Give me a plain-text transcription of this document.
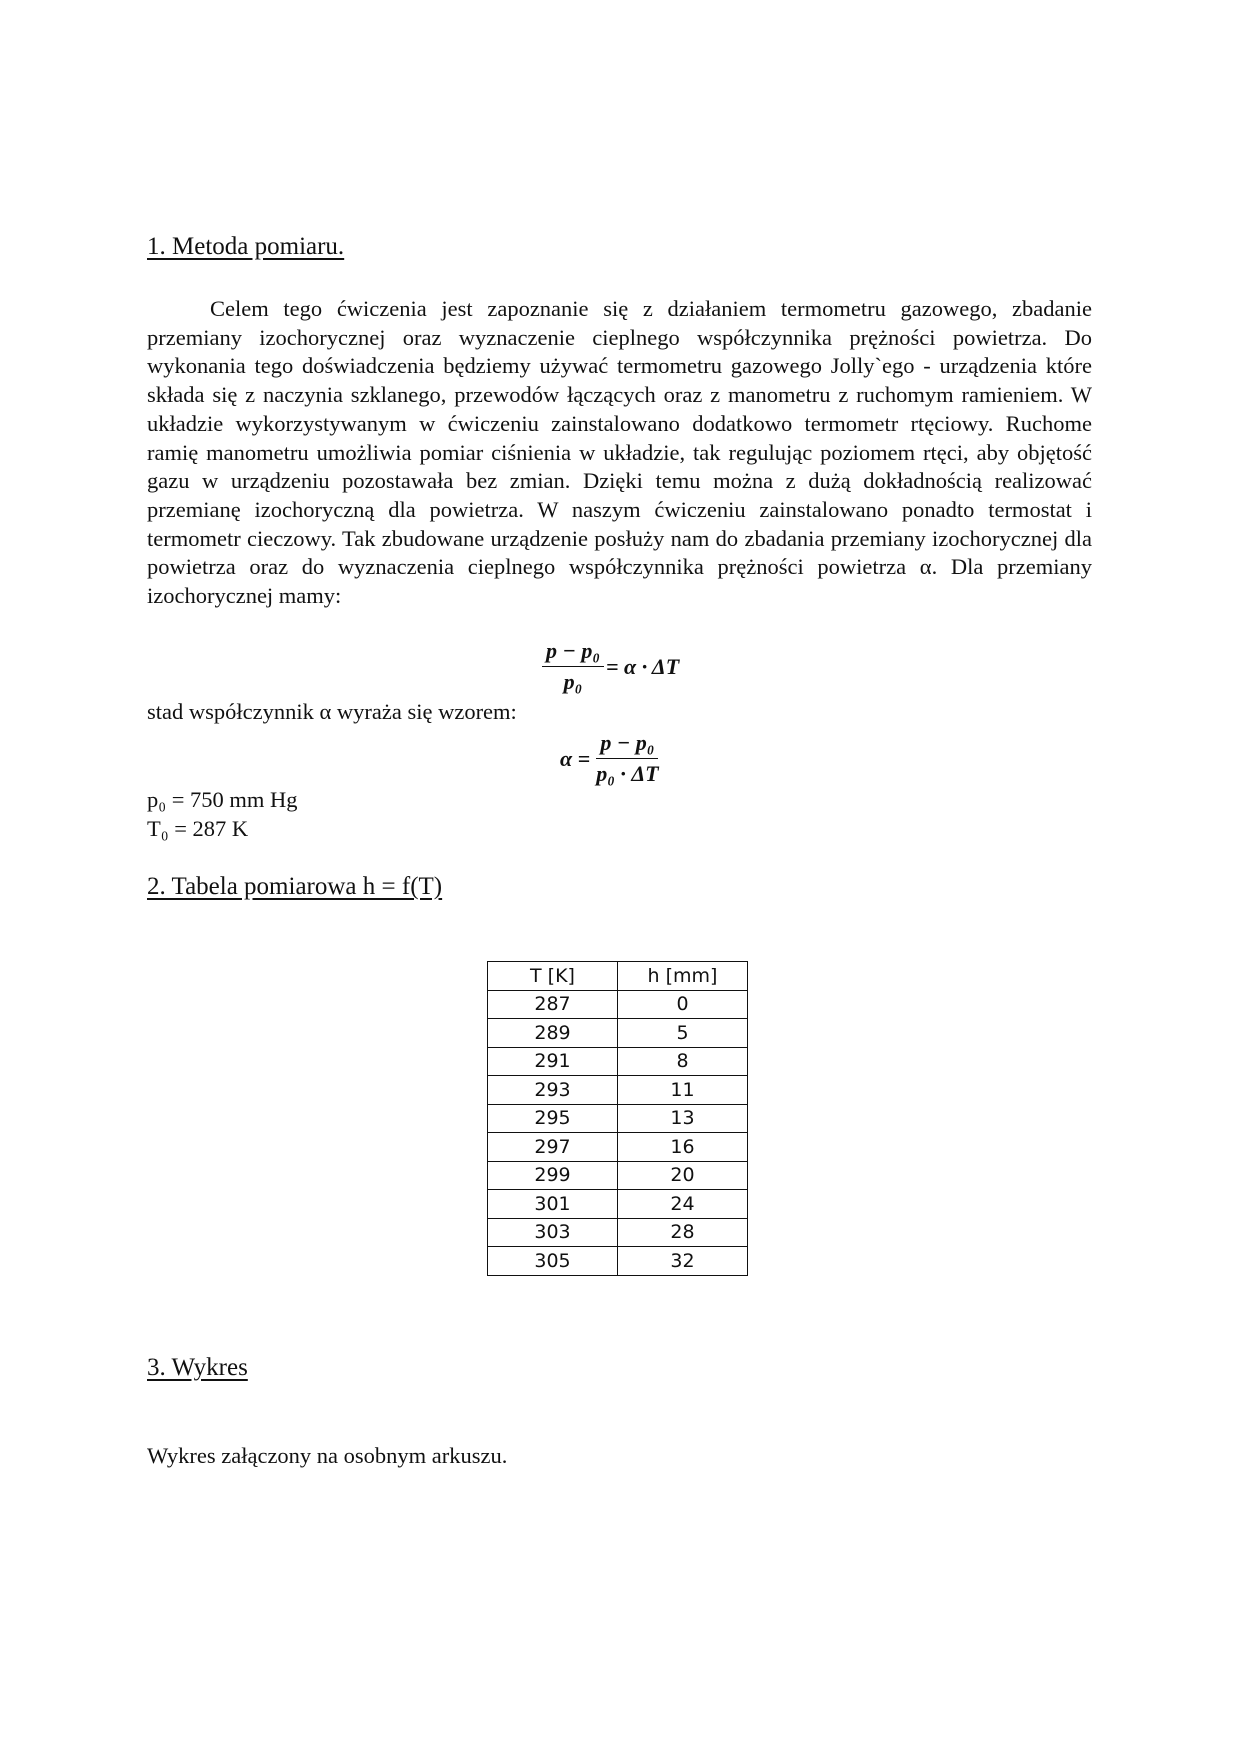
1. Metoda pomiaru.

Celem tego ćwiczenia jest zapoznanie się z działaniem termometru gazowego, zbadanie przemiany izochorycznej oraz wyznaczenie cieplnego współczynnika prężności powietrza. Do wykonania tego doświadczenia będziemy używać termometru gazowego Jolly`ego - urządzenia które składa się z naczynia szklanego, przewodów łączących oraz z manometru z ruchomym ramieniem. W układzie wykorzystywanym w ćwiczeniu zainstalowano dodatkowo termometr rtęciowy. Ruchome ramię manometru umożliwia pomiar ciśnienia w układzie, tak regulując poziomem rtęci, aby objętość gazu w urządzeniu pozostawała bez zmian. Dzięki temu można z dużą dokładnością realizować przemianę izochoryczną dla powietrza. W naszym ćwiczeniu zainstalowano ponadto termostat i termometr cieczowy. Tak zbudowane urządzenie posłuży nam do zbadania przemiany izochorycznej dla powietrza oraz do wyznaczenia cieplnego współczynnika prężności powietrza α. Dla przemiany izochorycznej mamy:

$\frac{\text{p − p₀}}{\text{p₀}} = \alpha \cdot \Delta T$
stad współczynnik α wyraża się wzorem:
$\alpha = \frac{\text{p − p₀}}{\text{p₀ · ΔT}}$
p₀ = 750 mm Hg
T₀ = 287 K
2. Tabela pomiarowa h = f(T)
T [K]	h [mm]
287	0
289	5
291	8
293	11
295	13
297	16
299	20
301	24
303	28
305	32
3. Wykres
Wykres załączony na osobnym arkuszu.
